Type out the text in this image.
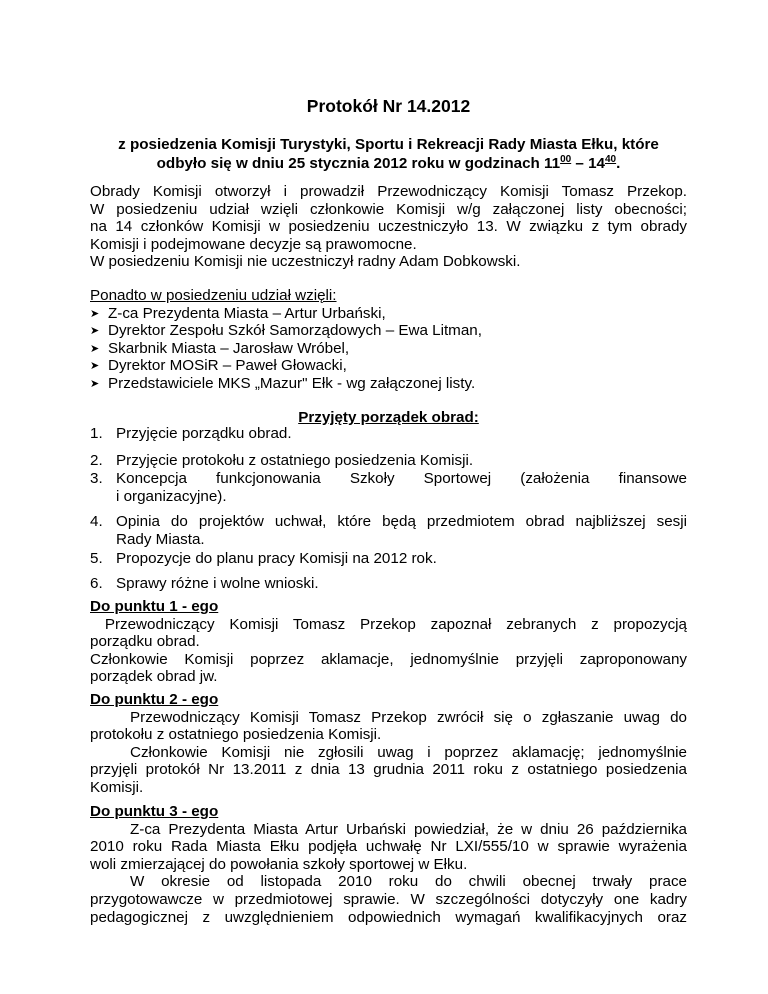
Protokół Nr 14.2012
z posiedzenia Komisji Turystyki, Sportu i Rekreacji Rady Miasta Ełku, które
odbyło się w dniu 25 stycznia 2012 roku w godzinach $11^{00} - 14^{40}$.
Obrady Komisji otworzył i prowadził Przewodniczący Komisji Tomasz Przekop.
W posiedzeniu udział wzięli członkowie Komisji w/g załączonej listy obecności;
na 14 członków Komisji w posiedzeniu uczestniczyło 13. W związku z tym obrady
Komisji i podejmowane decyzje są prawomocne.
W posiedzeniu Komisji nie uczestniczył radny Adam Dobkowski.
Ponadto w posiedzeniu udział wzięli:
➤ Z-ca Prezydenta Miasta – Artur Urbański,
➤ Dyrektor Zespołu Szkół Samorządowych – Ewa Litman,
➤ Skarbnik Miasta – Jarosław Wróbel,
➤ Dyrektor MOSiR – Paweł Głowacki,
➤ Przedstawiciele MKS „Mazur" Ełk - wg załączonej listy.
Przyjęty porządek obrad:
1. Przyjęcie porządku obrad.
2. Przyjęcie protokołu z ostatniego posiedzenia Komisji.
3. Koncepcja funkcjonowania Szkoły Sportowej (założenia finansowe
i organizacyjne).
4. Opinia do projektów uchwał, które będą przedmiotem obrad najbliższej sesji
Rady Miasta.
5. Propozycje do planu pracy Komisji na 2012 rok.
6. Sprawy różne i wolne wnioski.
Do punktu 1 - ego
Przewodniczący  Komisji  Tomasz  Przekop  zapoznał  zebranych  z  propozycją
porządku obrad.
Członkowie Komisji poprzez aklamacje, jednomyślnie przyjęli zaproponowany
porządek obrad jw.
Do punktu 2 - ego
Przewodniczący Komisji Tomasz Przekop zwrócił się o zgłaszanie uwag do
protokołu z ostatniego posiedzenia Komisji.
Członkowie Komisji nie zgłosili uwag i poprzez aklamację; jednomyślnie
przyjęli protokół Nr 13.2011 z dnia 13 grudnia 2011 roku z ostatniego posiedzenia
Komisji.
Do punktu 3 - ego
Z-ca Prezydenta Miasta Artur Urbański powiedział, że w dniu 26 października
2010 roku Rada Miasta Ełku podjęła uchwałę Nr LXI/555/10 w sprawie wyrażenia
woli zmierzającej do powołania szkoły sportowej w Ełku.
W okresie od listopada 2010 roku do chwili obecnej trwały prace
przygotowawcze w przedmiotowej sprawie. W szczególności dotyczyły one kadry
pedagogicznej z uwzględnieniem odpowiednich wymagań kwalifikacyjnych oraz
